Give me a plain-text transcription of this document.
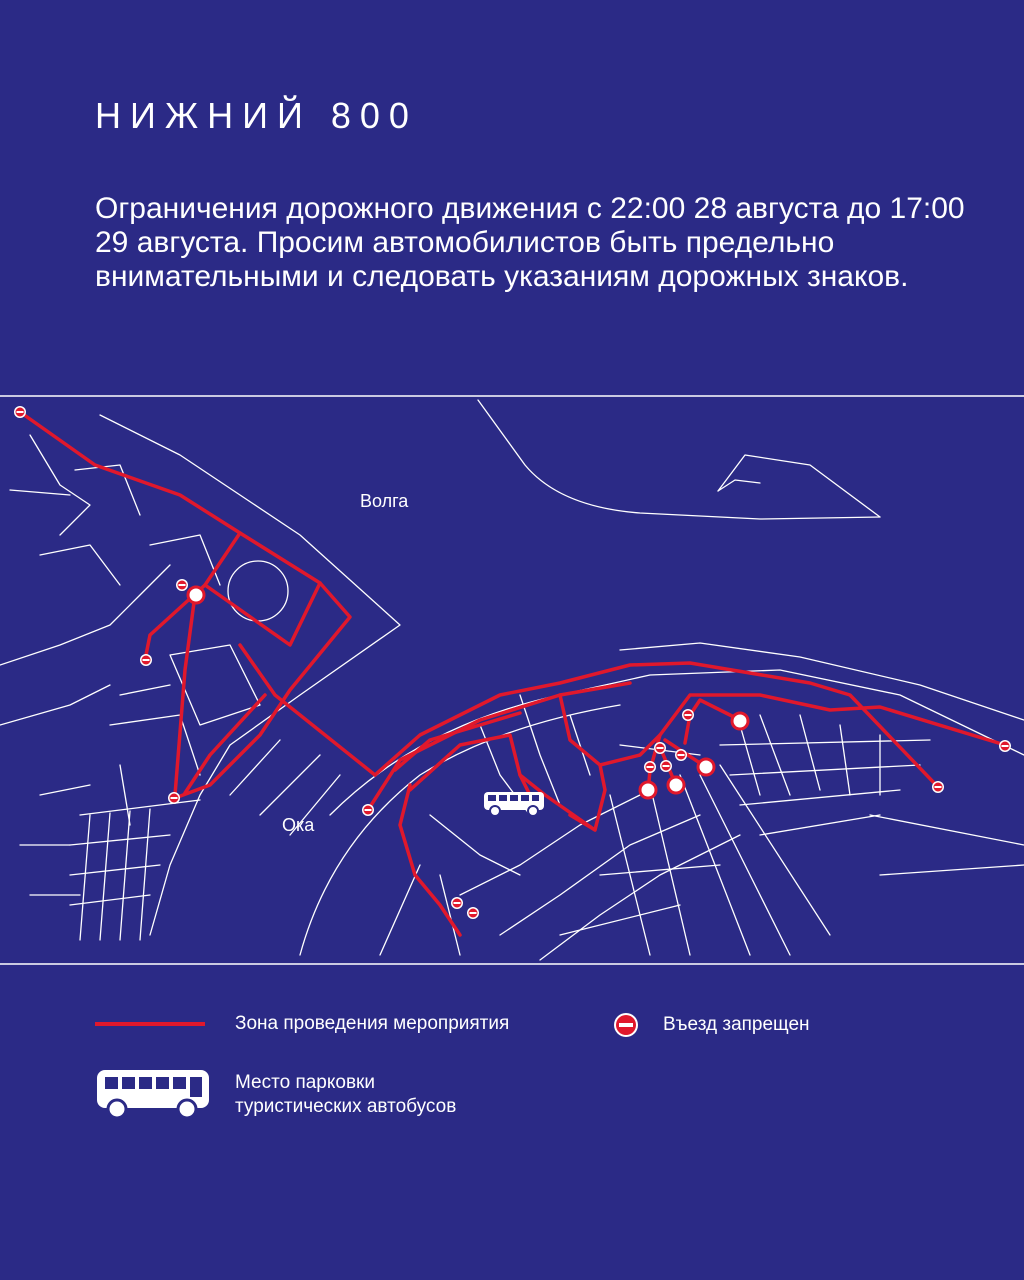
НИЖНИЙ 800

Ограничения дорожного движения с 22:00 28 августа до 17:00 29 августа. Просим автомобилистов быть предельно внимательными и следовать указаниям дорожных знаков.

Волга
Ока
Зона проведения мероприятия	Въезд запрещен
Место парковки
туристических автобусов
